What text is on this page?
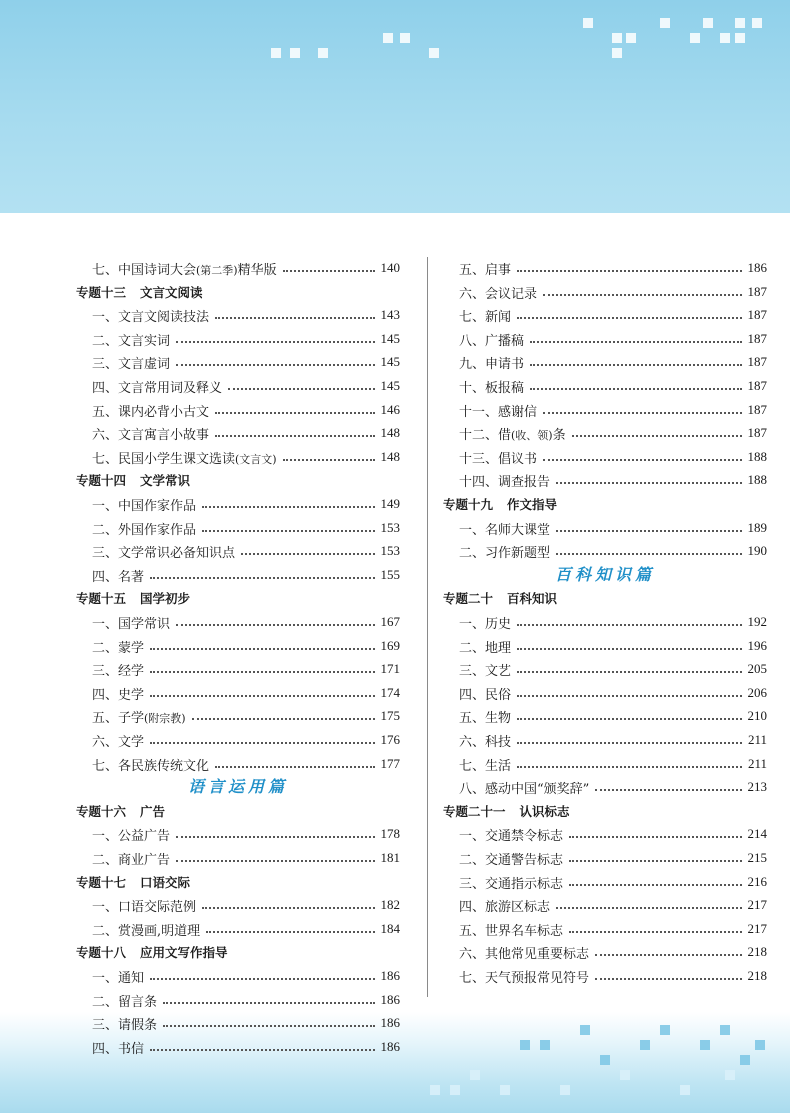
七、中国诗词大会(第二季)精华版	140
专题十三 文言文阅读
一、文言文阅读技法	143
二、文言实词	145
三、文言虚词	145
四、文言常用词及释义	145
五、课内必背小古文	146
六、文言寓言小故事	148
七、民国小学生课文选读(文言文)	148
专题十四 文学常识
一、中国作家作品	149
二、外国作家作品	153
三、文学常识必备知识点	153
四、名著	155
专题十五 国学初步
一、国学常识	167
二、蒙学	169
三、经学	171
四、史学	174
五、子学(附宗教)	175
六、文学	176
七、各民族传统文化	177
语言运用篇
专题十六 广告
一、公益广告	178
二、商业广告	181
专题十七 口语交际
一、口语交际范例	182
二、赏漫画,明道理	184
专题十八 应用文写作指导
一、通知	186
二、留言条	186
三、请假条	186
四、书信	186
五、启事	186
六、会议记录	187
七、新闻	187
八、广播稿	187
九、申请书	187
十、板报稿	187
十一、感谢信	187
十二、借(收、领)条	187
十三、倡议书	188
十四、调查报告	188
专题十九 作文指导
一、名师大课堂	189
二、习作新题型	190
百科知识篇
专题二十 百科知识
一、历史	192
二、地理	196
三、文艺	205
四、民俗	206
五、生物	210
六、科技	211
七、生活	211
八、感动中国“颁奖辞”	213
专题二十一 认识标志
一、交通禁令标志	214
二、交通警告标志	215
三、交通指示标志	216
四、旅游区标志	217
五、世界名车标志	217
六、其他常见重要标志	218
七、天气预报常见符号	218
